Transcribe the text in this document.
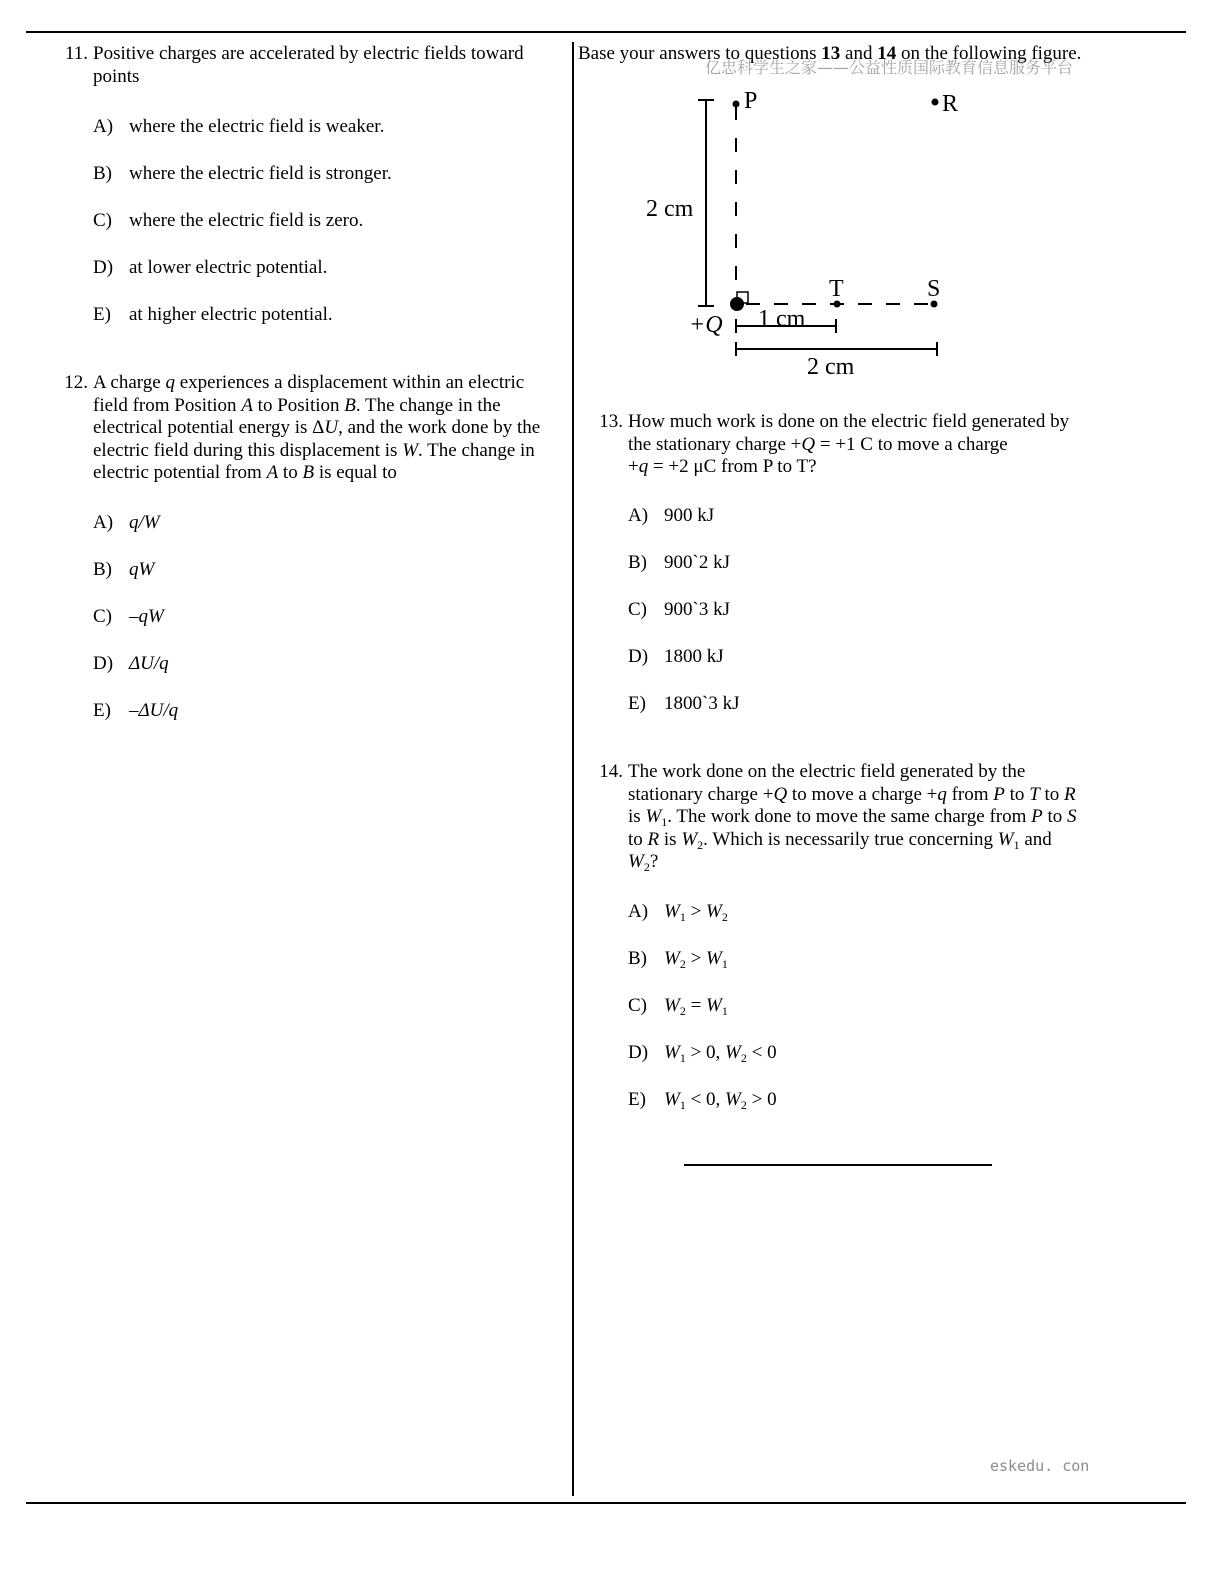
11. Positive charges are accelerated by electric fields toward
points
A) where the electric field is weaker.
B) where the electric field is stronger.
C) where the electric field is zero.
D) at lower electric potential.
E) at higher electric potential.
12. A charge q experiences a displacement within an electric
field from Position A to Position B. The change in the
electrical potential energy is ΔU, and the work done by the
electric field during this displacement is W. The change in
electric potential from A to B is equal to
A) q/W
B) qW
C) –qW
D) ΔU/q
E) –ΔU/q
Base your answers to questions 13 and 14 on the following figure.
亿忠科学生之家——公益性质国际教育信息服务平台
P	R
T	S
+Q
2 cm
1 cm
2 cm
13. How much work is done on the electric field generated by
the stationary charge +Q = +1 C to move a charge
+q = +2 μC from P to T?
A) 900 kJ
B) 900ˋ2 kJ
C) 900ˋ3 kJ
D) 1800 kJ
E) 1800ˋ3 kJ
14. The work done on the electric field generated by the
stationary charge +Q to move a charge +q from P to T to R
is $W_1$. The work done to move the same charge from P to S
to R is $W_2$. Which is necessarily true concerning $W_1$ and
$W_2$?
A) $W_1 > W_2$
B) $W_2 > W_1$
C) $W_2 = W_1$
D) $W_1 > 0$, $W_2 < 0$
E) $W_1 < 0$, $W_2 > 0$
eskedu. con
